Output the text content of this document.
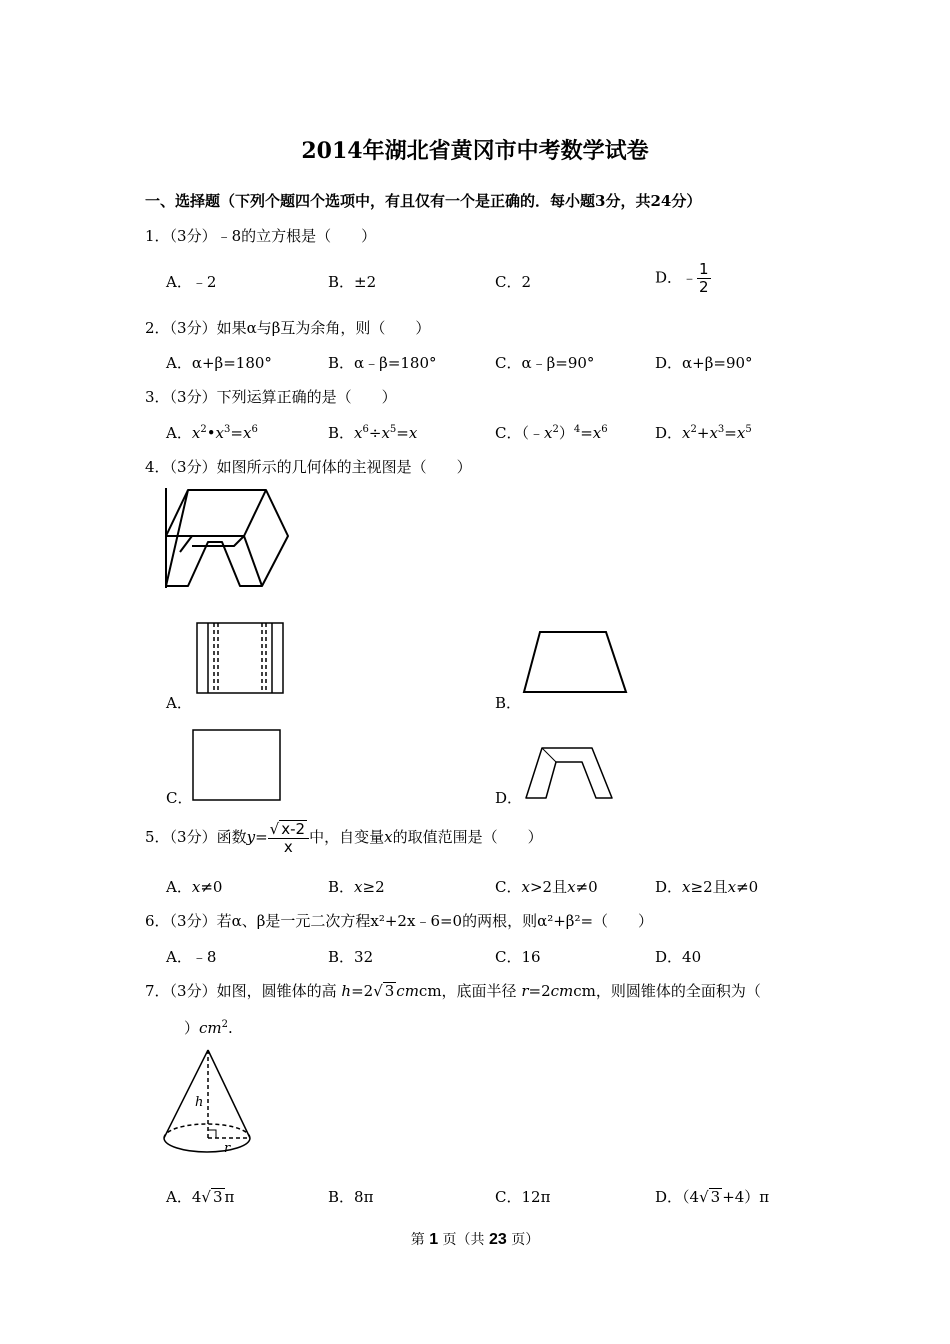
2014年湖北省黄冈市中考数学试卷
一、选择题（下列个题四个选项中，有且仅有一个是正确的．每小题3分，共24分）
1．（3分）﹣8的立方根是（　　）
A．﹣2	B．±2	C．2	D．﹣ $\frac{1}{2}$
2．（3分）如果α与β互为余角，则（　　）
A．α+β=180°	B．α﹣β=180°	C．α﹣β=90°	D．α+β=90°
3．（3分）下列运算正确的是（　　）
A．$x^2•x^3=x^6$	B．$x^6\div x^5=x$	C．$(﹣x^2)^4=x^6$	D．$x^2+x^3=x^5$
4．（3分）如图所示的几何体的主视图是（　　）
A．	B．
C．	D．
5．（3分）函数$y= \frac{√ x-2}{x}$ 中，自变量x的取值范围是（　　）
A．x≠0	B．x≥2	C．x>2且x≠0	D．x≥2且x≠0
6．（3分）若α、β是一元二次方程x²+2x﹣6=0的两根，则α²+β²=（　　）
A．﹣8	B．32	C．16	D．40
7．（3分）如图，圆锥体的高 h=2√ 3 cmcm，底面半径 r=2cmcm，则圆锥体的全面积为（
）$cm^2$.
h
r
A．4√ 3 π	B．8π	C．12π	D．（4√ 3 +4）π
第 1 页（共 23 页）
